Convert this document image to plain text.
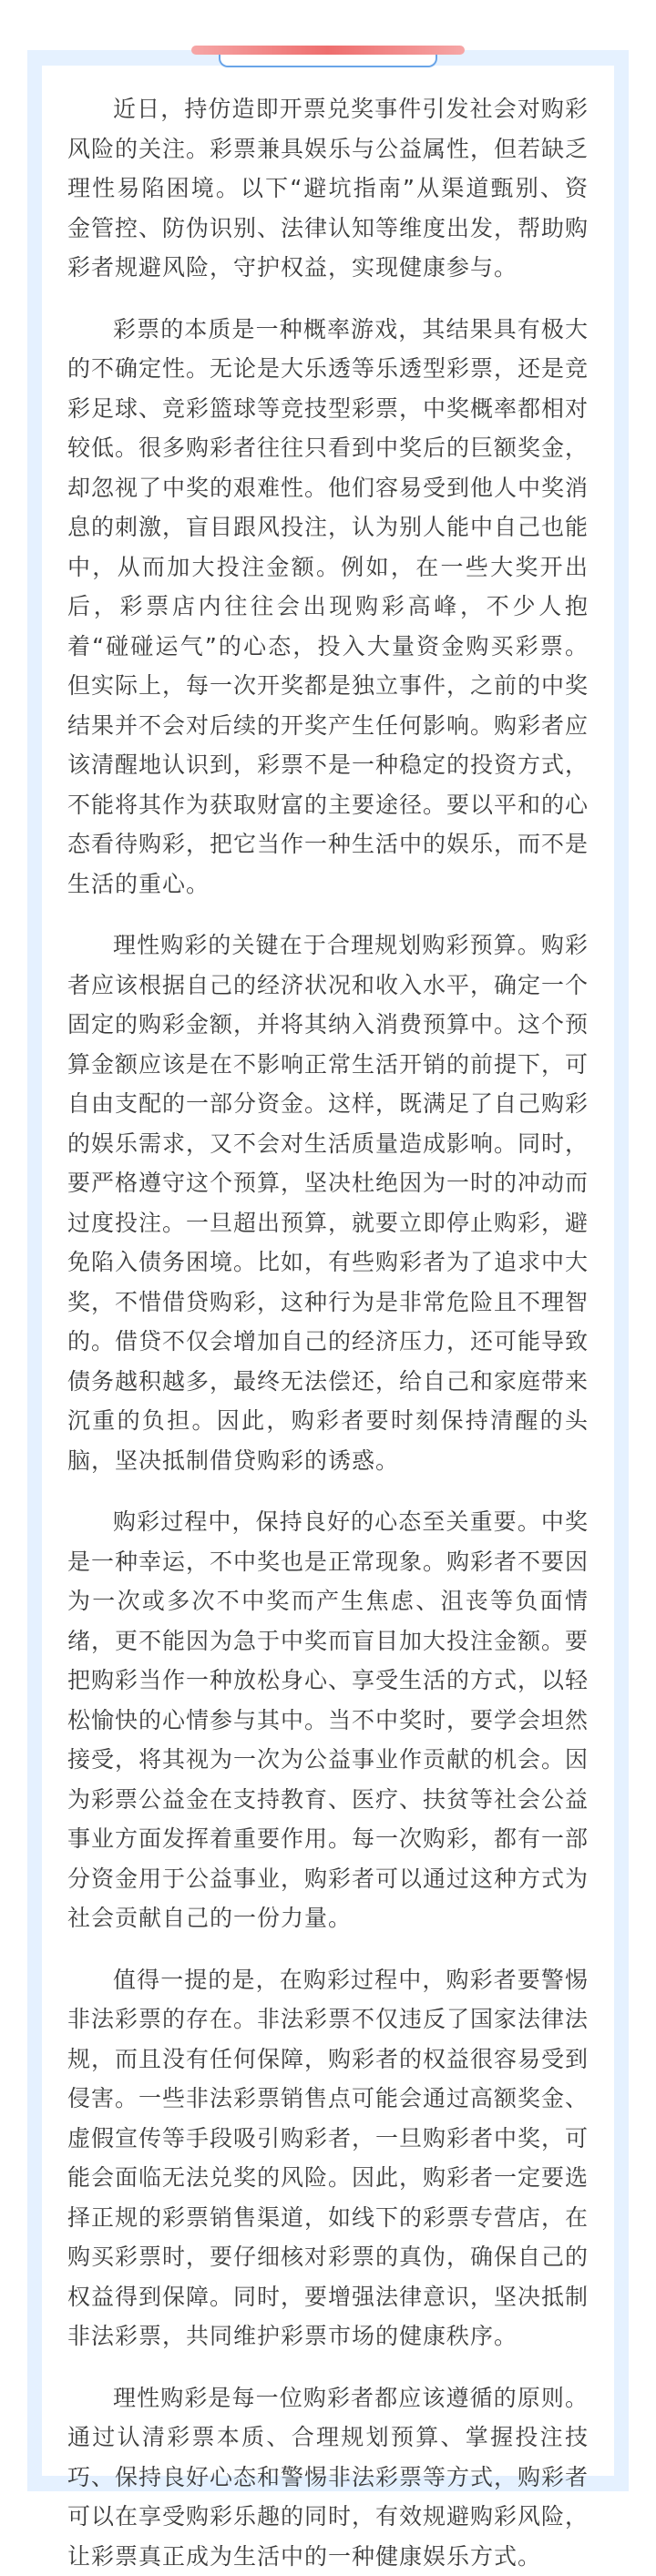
近日，持仿造即开票兑奖事件引发社会对购彩风险的关注。彩票兼具娱乐与公益属性，但若缺乏理性易陷困境。以下“避坑指南”从渠道甄别、资金管控、防伪识别、法律认知等维度出发，帮助购彩者规避风险，守护权益，实现健康参与。

彩票的本质是一种概率游戏，其结果具有极大的不确定性。无论是大乐透等乐透型彩票，还是竞彩足球、竞彩篮球等竞技型彩票，中奖概率都相对较低。很多购彩者往往只看到中奖后的巨额奖金，却忽视了中奖的艰难性。他们容易受到他人中奖消息的刺激，盲目跟风投注，认为别人能中自己也能中，从而加大投注金额。例如，在一些大奖开出后，彩票店内往往会出现购彩高峰，不少人抱着“碰碰运气”的心态，投入大量资金购买彩票。但实际上，每一次开奖都是独立事件，之前的中奖结果并不会对后续的开奖产生任何影响。购彩者应该清醒地认识到，彩票不是一种稳定的投资方式，不能将其作为获取财富的主要途径。要以平和的心态看待购彩，把它当作一种生活中的娱乐，而不是生活的重心。

理性购彩的关键在于合理规划购彩预算。购彩者应该根据自己的经济状况和收入水平，确定一个固定的购彩金额，并将其纳入消费预算中。这个预算金额应该是在不影响正常生活开销的前提下，可自由支配的一部分资金。这样，既满足了自己购彩的娱乐需求，又不会对生活质量造成影响。同时，要严格遵守这个预算，坚决杜绝因为一时的冲动而过度投注。一旦超出预算，就要立即停止购彩，避免陷入债务困境。比如，有些购彩者为了追求中大奖，不惜借贷购彩，这种行为是非常危险且不理智的。借贷不仅会增加自己的经济压力，还可能导致债务越积越多，最终无法偿还，给自己和家庭带来沉重的负担。因此，购彩者要时刻保持清醒的头脑，坚决抵制借贷购彩的诱惑。

购彩过程中，保持良好的心态至关重要。中奖是一种幸运，不中奖也是正常现象。购彩者不要因为一次或多次不中奖而产生焦虑、沮丧等负面情绪，更不能因为急于中奖而盲目加大投注金额。要把购彩当作一种放松身心、享受生活的方式，以轻松愉快的心情参与其中。当不中奖时，要学会坦然接受，将其视为一次为公益事业作贡献的机会。因为彩票公益金在支持教育、医疗、扶贫等社会公益事业方面发挥着重要作用。每一次购彩，都有一部分资金用于公益事业，购彩者可以通过这种方式为社会贡献自己的一份力量。

值得一提的是，在购彩过程中，购彩者要警惕非法彩票的存在。非法彩票不仅违反了国家法律法规，而且没有任何保障，购彩者的权益很容易受到侵害。一些非法彩票销售点可能会通过高额奖金、虚假宣传等手段吸引购彩者，一旦购彩者中奖，可能会面临无法兑奖的风险。因此，购彩者一定要选择正规的彩票销售渠道，如线下的彩票专营店，在购买彩票时，要仔细核对彩票的真伪，确保自己的权益得到保障。同时，要增强法律意识，坚决抵制非法彩票，共同维护彩票市场的健康秩序。

理性购彩是每一位购彩者都应该遵循的原则。通过认清彩票本质、合理规划预算、掌握投注技巧、保持良好心态和警惕非法彩票等方式，购彩者可以在享受购彩乐趣的同时，有效规避购彩风险，让彩票真正成为生活中的一种健康娱乐方式。
